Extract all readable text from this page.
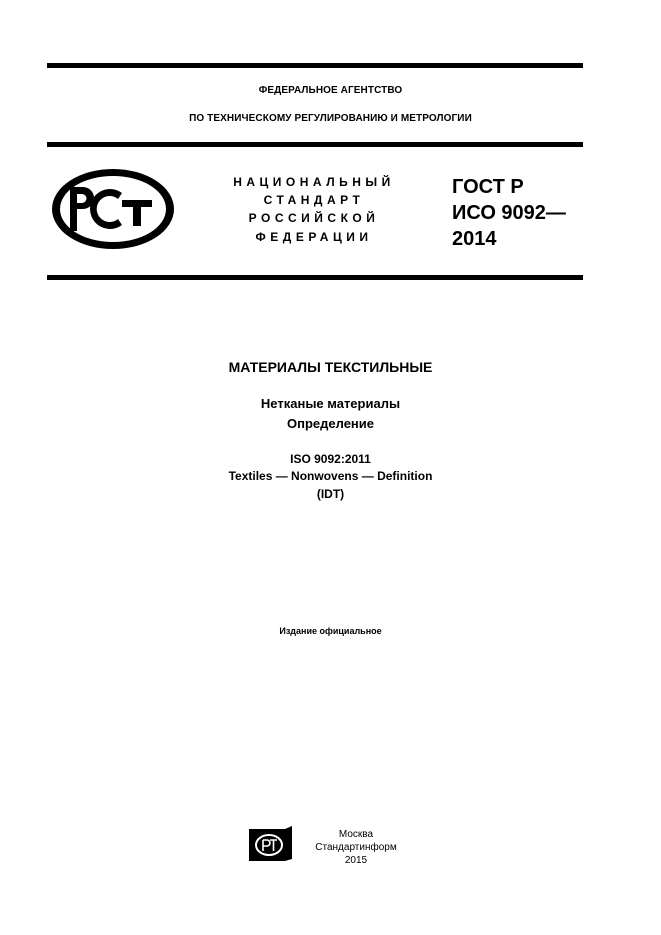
ФЕДЕРАЛЬНОЕ АГЕНТСТВО
ПО ТЕХНИЧЕСКОМУ РЕГУЛИРОВАНИЮ И МЕТРОЛОГИИ
НАЦИОНАЛЬНЫЙ
СТАНДАРТ
РОССИЙСКОЙ
ФЕДЕРАЦИИ
ГОСТ Р
ИСО 9092—
2014
МАТЕРИАЛЫ ТЕКСТИЛЬНЫЕ
Нетканые материалы
Определение
ISO 9092:2011
Textiles — Nonwovens — Definition
(IDT)
Издание официальное
Москва
Стандартинформ
2015
